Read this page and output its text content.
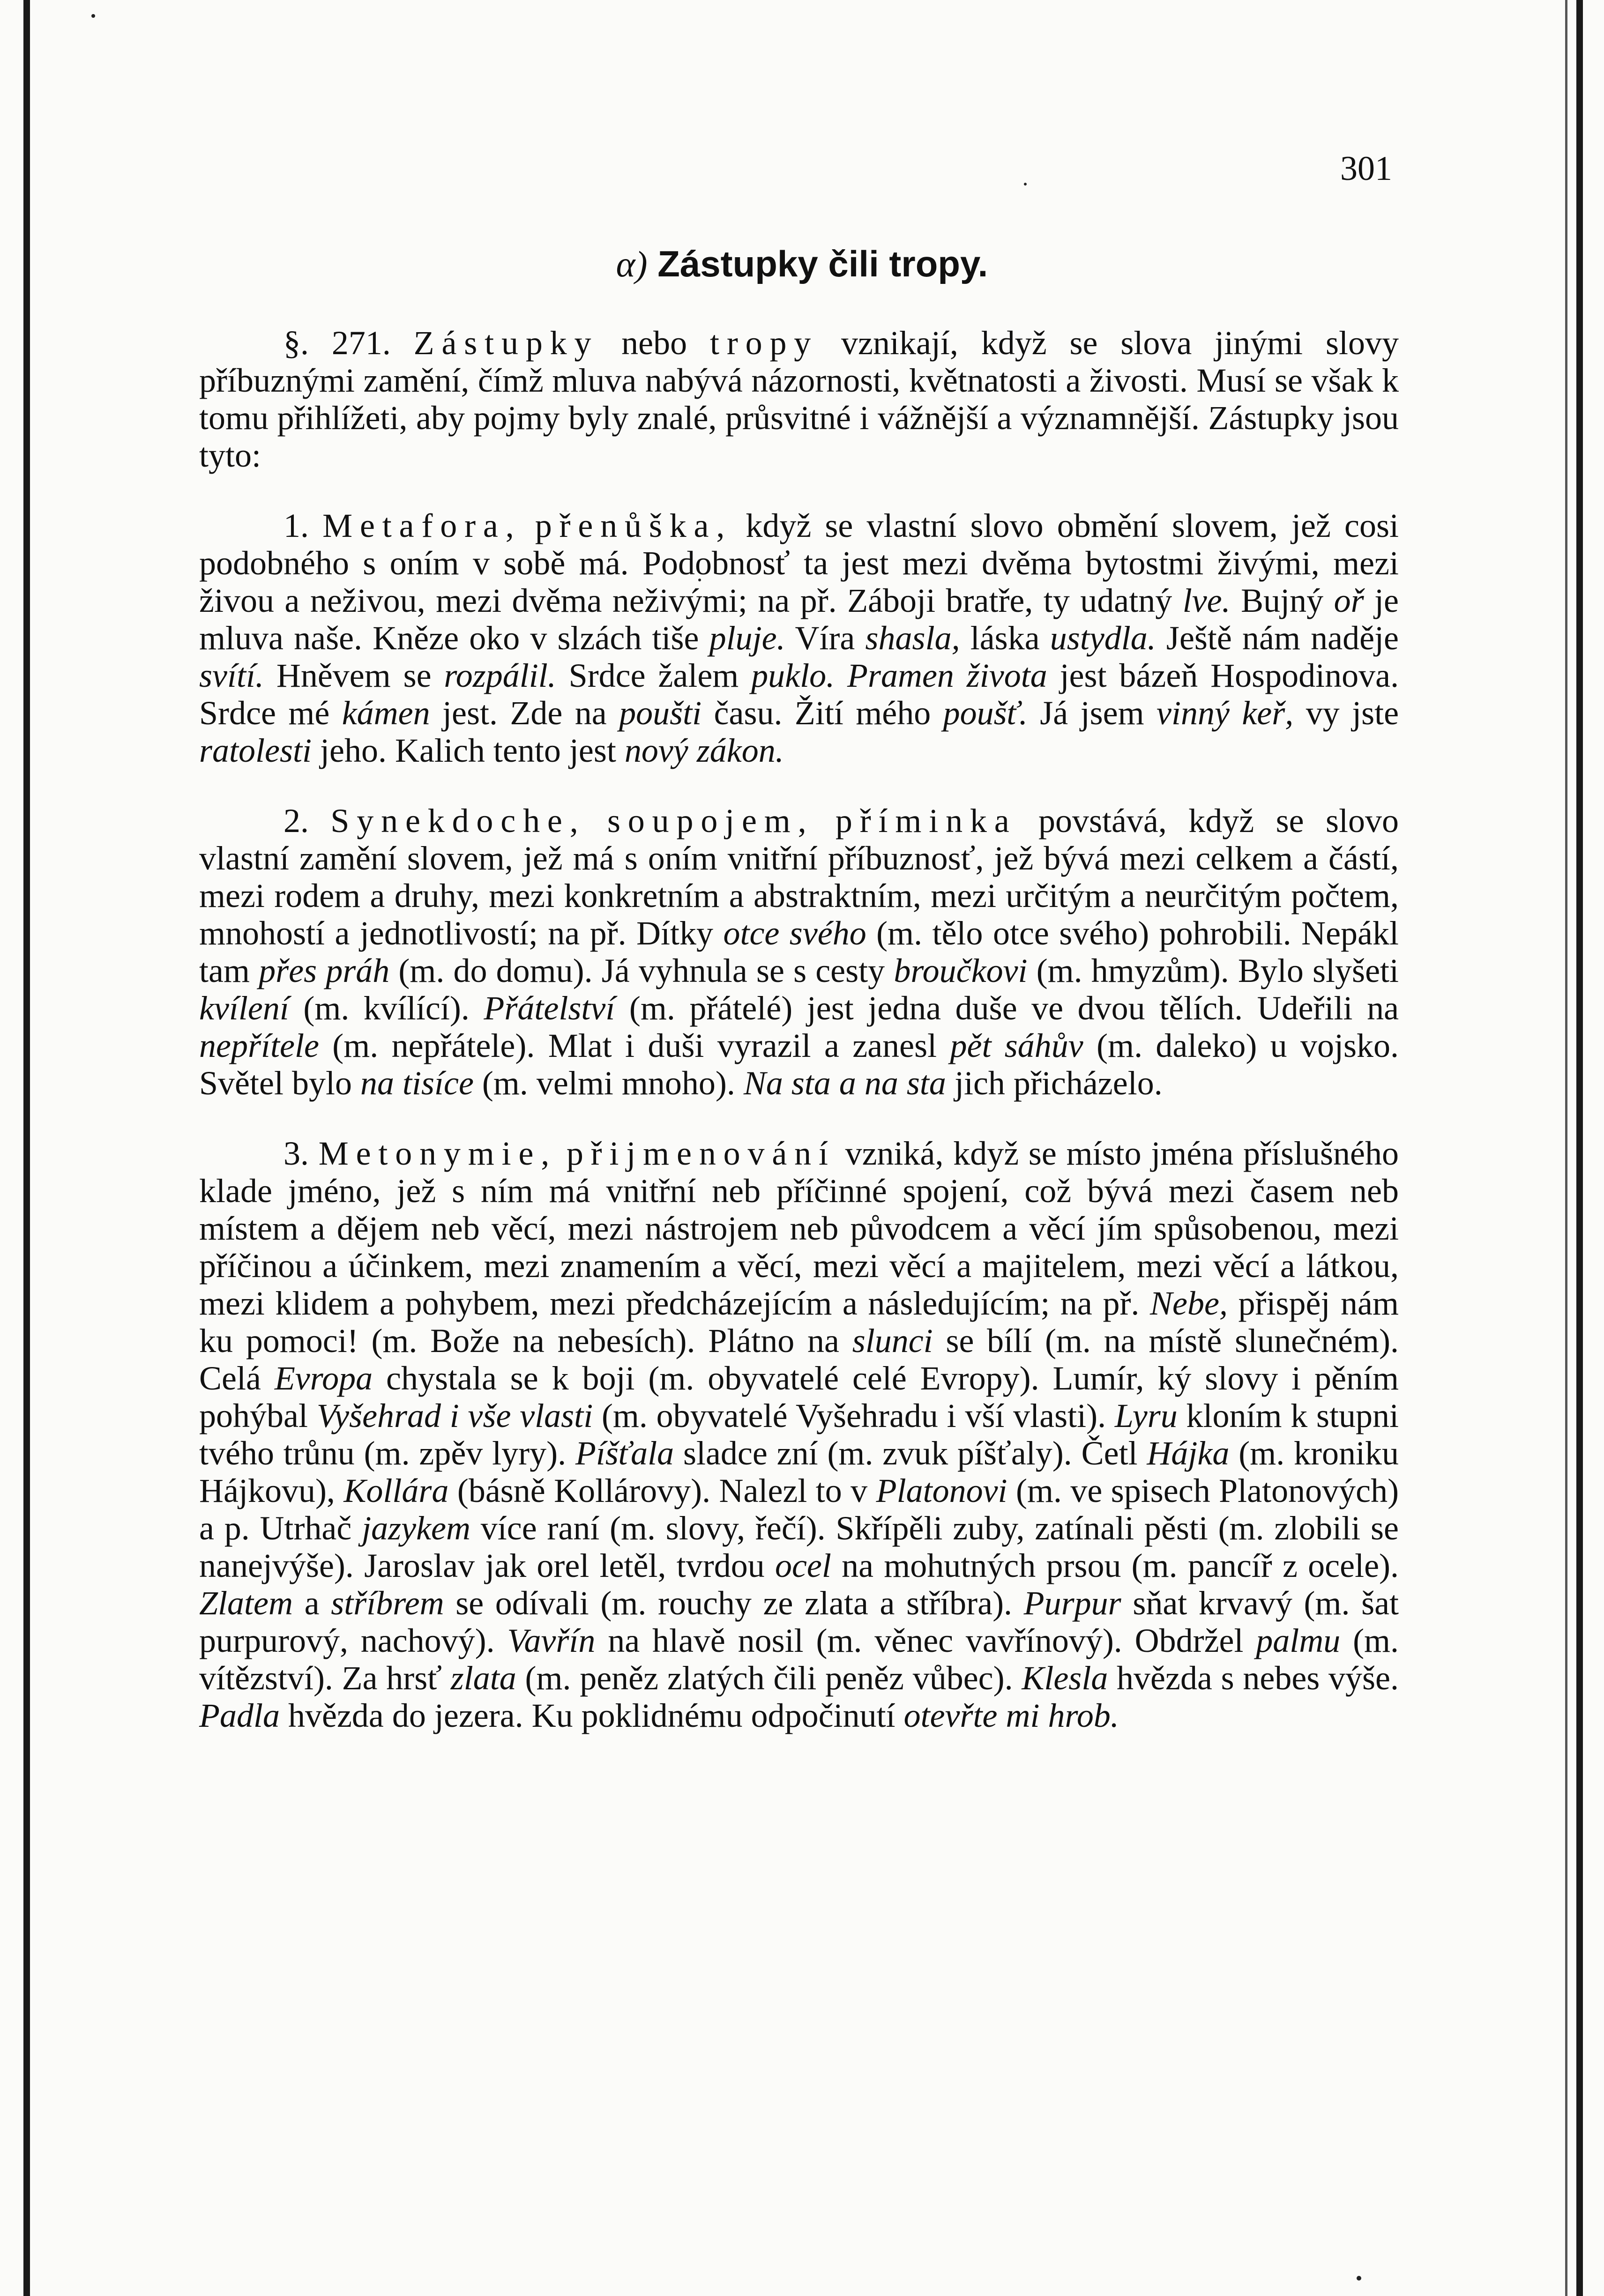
301
α) Zástupky čili tropy.

§. 271. Zástupky nebo tropy vznikají, když se slova jinými slovy příbuznými zamění, čímž mluva nabývá názornosti, květnatosti a živosti. Musí se však k tomu přihlížeti, aby pojmy byly znalé, průsvitné i vážnější a významnější. Zástupky jsou tyto:

1. Metafora, přenůška, když se vlastní slovo obmění slovem, jež cosi podobného s oním v sobě má. Podobnosť ta jest mezi dvěma bytostmi živými, mezi živou a neživou, mezi dvěma neživými; na př. Záboji bratře, ty udatný lve. Bujný oř je mluva naše. Kněze oko v slzách tiše pluje. Víra shasla, láska ustydla. Ještě nám naděje svítí. Hněvem se rozpálil. Srdce žalem puklo. Pramen života jest bázeň Hospodinova. Srdce mé kámen jest. Zde na poušti času. Žití mého poušť. Já jsem vinný keř, vy jste ratolesti jeho. Kalich tento jest nový zákon.

2. Synekdoche, soupojem, příminka povstává, když se slovo vlastní zamění slovem, jež má s oním vnitřní příbuznosť, jež bývá mezi celkem a částí, mezi rodem a druhy, mezi konkretním a abstraktním, mezi určitým a neurčitým počtem, mnohostí a jednotlivostí; na př. Dítky otce svého (m. tělo otce svého) pohrobili. Nepákl tam přes práh (m. do domu). Já vyhnula se s cesty broučkovi (m. hmyzům). Bylo slyšeti kvílení (m. kvílící). Přátelství (m. přátelé) jest jedna duše ve dvou tělích. Udeřili na nepřítele (m. nepřátele). Mlat i duši vyrazil a zanesl pět sáhův (m. daleko) u vojsko. Světel bylo na tisíce (m. velmi mnoho). Na sta a na sta jich přicházelo.

3. Metonymie, přijmenování vzniká, když se místo jména příslušného klade jméno, jež s ním má vnitřní neb příčinné spojení, což bývá mezi časem neb místem a dějem neb věcí, mezi nástrojem neb původcem a věcí jím spůsobenou, mezi příčinou a účinkem, mezi znamením a věcí, mezi věcí a majitelem, mezi věcí a látkou, mezi klidem a pohybem, mezi předcházejícím a následujícím; na př. Nebe, přispěj nám ku pomoci! (m. Bože na nebesích). Plátno na slunci se bílí (m. na místě slunečném). Celá Evropa chystala se k boji (m. obyvatelé celé Evropy). Lumír, ký slovy i pěním pohýbal Vyšehrad i vše vlasti (m. obyvatelé Vyšehradu i vší vlasti). Lyru kloním k stupni tvého trůnu (m. zpěv lyry). Píšťala sladce zní (m. zvuk píšťaly). Četl Hájka (m. kroniku Hájkovu), Kollára (básně Kollárovy). Nalezl to v Platonovi (m. ve spisech Platonových) a p. Utrhač jazykem více raní (m. slovy, řečí). Skřípěli zuby, zatínali pěsti (m. zlobili se nanejvýše). Jaroslav jak orel letěl, tvrdou ocel na mohutných prsou (m. pancíř z ocele). Zlatem a stříbrem se odívali (m. rouchy ze zlata a stříbra). Purpur sňat krvavý (m. šat purpurový, nachový). Vavřín na hlavě nosil (m. věnec vavřínový). Obdržel palmu (m. vítězství). Za hrsť zlata (m. peněz zlatých čili peněz vůbec). Klesla hvězda s nebes výše. Padla hvězda do jezera. Ku poklidnému odpočinutí otevřte mi hrob.
